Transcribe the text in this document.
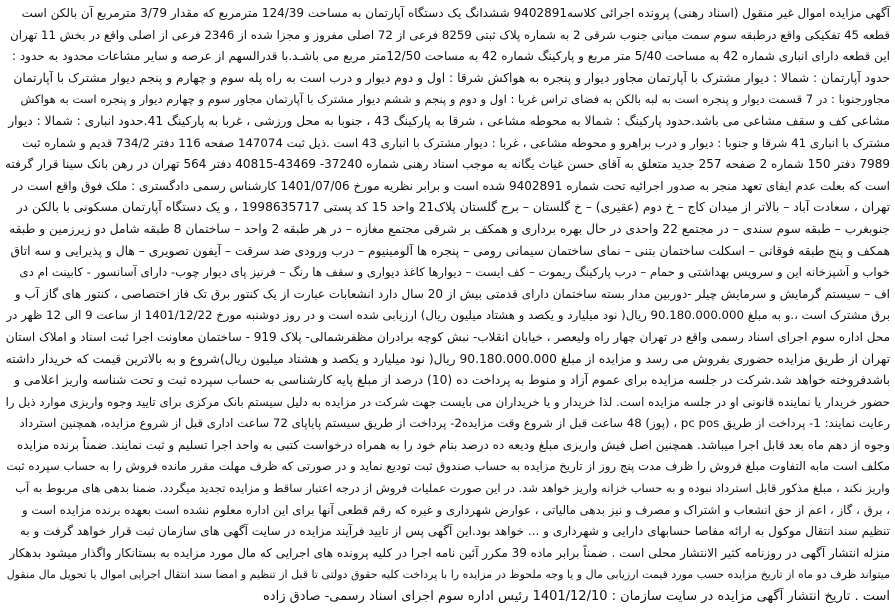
آگهی مزایده اموال غیر منقول (اسناد رهنی) پرونده اجرائی کلاسه9402891 ششدانگ یک دستگاه آپارتمان به مساحت 124/39 مترمربع که مقدار 3/79 مترمربع آن بالکن است
قطعه 45 تفکیکی واقع درطبقه سوم سمت میانی جنوب شرقی 2 به شماره پلاک ثبتی 8259 فرعی از 72 اصلی مفروز و مجزا شده از 2346 فرعی از اصلی واقع در بخش 11 تهران
این قطعه دارای انباری شماره 42 به مساحت 5/40 متر مربع و پارکینگ شماره 42 به مساحت 12/50متر مربع می باشـد.با قدرالسهم از عرصه و سایر مشاعات محدود به حدود :
حدود آپارتمان : شمالا : دیوار مشترک با آپارتمان مجاور دیوار و پنجره به هواکش شرقا : اول و دوم دیوار و درب است به راه پله سوم و چهارم و پنجم دیوار مشترک با آپارتمان
مجاورجنوبا : در 7 قسمت دیوار و پنجره است به لبه بالکن به فضای تراس غربا : اول و دوم و پنجم و ششم دیوار مشترک با آپارتمان مجاور سوم و چهارم دیوار و پنجره است به هواکش
مشاعی کف و سقف مشاعی می باشد.حدود پارکینگ : شمالا به محوطه مشاعی ، شرقا به پارکینگ 43 ، جنوبا به محل ورزشی ، غربا به پارکینگ 41.حدود انباری : شمالا : دیوار
مشترک با انباری 41 شرقا و جنوبا : دیوار و درب براهرو و محوطه مشاعی ، غربا : دیوار مشترک با انباری 43 است .ذیل ثبت 147074 صفحه 116 دفتر 734/2 قدیم و شماره ثبت
7989 دفتر 150 شماره 2 صفحه 257 جدید متعلق به آقای حسن غیاث یگانه به موجب اسناد رهنی شماره 37240- 43469-40815 دفتر 564 تهران در رهن بانک سینا قرار گرفته
است که بعلت عدم ایفای تعهد منجر به صدور اجرائیه تحت شماره 9402891 شده است و برابر نظریه مورخ 1401/07/06 کارشناس رسمی دادگستری : ملک فوق واقع است در
تهران ، سعادت آباد – بالاتر از میدان کاج – خ دوم (عقیری) – خ گلستان – برج گلستان پلاک21 واحد 15 کد پستی 1998635717 ، و یک دستگاه آپارتمان مسکونی با بالکن در
جنوبغرب – طبقه سوم سندی – در مجتمع 22 واحدی در حال بهره برداری و همکف بر شرقی مجتمع مغازه – در هر طبقه 2 واحد – ساختمان 8 طبقه شامل دو زیرزمین و طبقه
همکف و پنج طبقه فوقانی – اسکلت ساختمان بتنی – نمای ساختمان سیمانی رومی – پنجره ها آلومینیوم – درب ورودی ضد سرقت – آیفون تصویری – هال و پذیرایی و سه اتاق
خواب و آشپزخانه این و سرویس بهداشتی و حمام – درب پارکینگ ریموت – کف ایست – دیوارها کاغذ دیواری و سقف ها رنگ – فرنیز پای دیوار چوب- دارای آسانسور - کابینت ام دی
اف – سیستم گرمایش و سرمایش چیلر -دوربین مدار بسته ساختمان دارای قدمتی بیش از 20 سال دارد انشعابات عبارت از یک کنتور برق تک فاز اختصاصی ، کنتور های گاز آب و
برق مشترک است ،.و به مبلغ 90.180.000.000 ریال( نود میلیارد و یکصد و هشتاد میلیون ریال) ارزیابی شده است و در روز دوشنبه مورخ 1401/12/22 از ساعت 9 الی 12 ظهر در
محل اداره سوم اجرای اسناد رسمی واقع در تهران چهار راه ولیعصر ، خیابان انقلاب- نبش کوچه برادران مظفرشمالی- پلاک 919 - ساختمان معاونت اجرا ثبت اسناد و املاک استان
تهران از طریق مزایده حضوری بفروش می رسد و مزایده از مبلغ 90.180.000.000 ریال( نود میلیارد و یکصد و هشتاد میلیون ریال)شروع و به بالاترین قیمت که خریدار داشته
باشدفروخته خواهد شد.شرکت در جلسه مزایده برای عموم آزاد و منوط به پرداخت ده (10) درصد از مبلغ پایه کارشناسی به حساب سپرده ثبت و تحت شناسه واریز اعلامی و
حضور خریدار یا نماینده قانونی او در جلسه مزایده است. لذا خریدار و یا خریداران می بایست جهت شرکت در مزایده به دلیل سیستم بانک مرکزی برای تایید وجوه واریزی موارد ذیل را
رعایت نمایند: 1- پرداخت از طریق pc pos ، (پوز) 48 ساعت قبل از شروع وقت مزایده2- پرداخت از طریق سیستم پایاپای 72 ساعت اداری قبل از شروع مزایده، همچنین استرداد
وجوه از دهم ماه بعد قابل اجرا میباشد. همچنین اصل فیش واریزی مبلغ ودیعه ده درصد بنام خود را به همراه درخواست کتبی به واحد اجرا تسلیم و ثبت نمایند. ضمناً برنده مزایده
مکلف است مابه التفاوت مبلغ فروش را ظرف مدت پنج روز از تاریخ مزایده به حساب صندوق ثبت تودیع نماید و در صورتی که ظرف مهلت مقرر مانده فروش را به حساب سپرده ثبت
واریز نکند ، مبلغ مذکور قابل استرداد نبوده و به حساب خزانه واریز خواهد شد. در این صورت عملیات فروش از درجه اعتبار ساقط و مزایده تجدید میگردد. ضمنا بدهی های مربوط به آب
، برق ، گاز ، اعم از حق انشعاب و اشتراک و مصرف و نیز بدهی مالیاتی ، عوارض شهرداری و غیره که رقم قطعی آنها برای این اداره معلوم نشده است بعهده برنده مزایده است و
تنظیم سند انتقال موکول به ارائه مفاصا حسابهای دارایی و شهرداری و ... خواهد بود.این آگهی پس از تایید فرآیند مزایده در سایت آگهی های سازمان ثبت قرار خواهد گرفت و به
منزله انتشار آگهی در روزنامه کثیر الانتشار محلی است . ضمناً برابر ماده 39 مکرر آئین نامه اجرا در کلیه پرونده های اجرایی که مال مورد مزایده به بستانکار واگذار میشود بدهکار
میتواند ظرف دو ماه از تاریخ مزایده حسب مورد قیمت ارزیابی مال و یا وجه ملحوظ در مزایده را با پرداخت کلیه حقوق دولتی تا قبل از تنظیم و امضا سند انتقال اجرایی اموال یا تحویل مال منقول
است . تاریخ انتشار آگهی مزایده در سایت سازمان : 1401/12/10 رئیس اداره سوم اجرای اسناد رسمی- صادق زاده
